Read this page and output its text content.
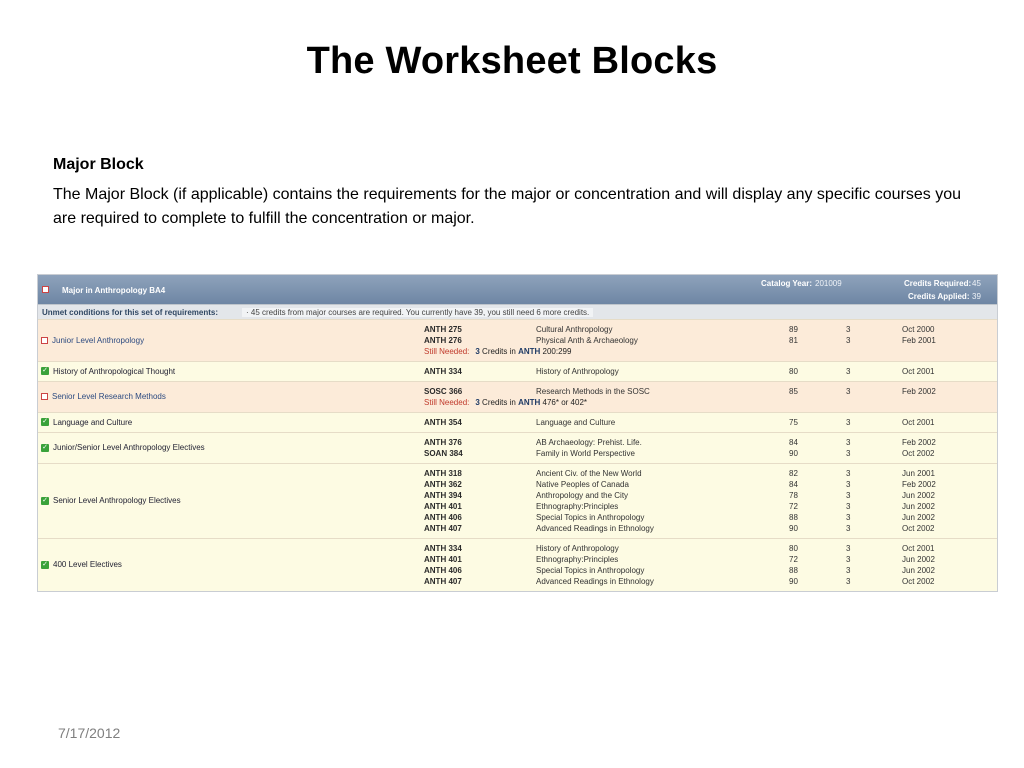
The Worksheet Blocks
Major Block
The Major Block (if applicable) contains the requirements for the major or concentration and will display any specific courses you are required to complete to fulfill the concentration or major.
Major in Anthropology BA4
Catalog Year: 201009	Credits Required: 45
Credits Applied: 39
Unmet conditions for this set of requirements:	· 45 credits from major courses are required. You currently have 39, you still need 6 more credits.
Junior Level Anthropology
ANTH 275	Cultural Anthropology	89	3	Oct 2000
ANTH 276	Physical Anth & Archaeology	81	3	Feb 2001
Still Needed: 3 Credits in ANTH 200:299
✓ History of Anthropological Thought	ANTH 334	History of Anthropology	80	3	Oct 2001
Senior Level Research Methods
SOSC 366	Research Methods in the SOSC	85	3	Feb 2002
Still Needed: 3 Credits in ANTH 476* or 402*
✓ Language and Culture	ANTH 354	Language and Culture	75	3	Oct 2001
✓ Junior/Senior Level Anthropology Electives
ANTH 376	AB Archaeology: Prehist. Life.	84	3	Feb 2002
SOAN 384	Family in World Perspective	90	3	Oct 2002
✓ Senior Level Anthropology Electives
ANTH 318	Ancient Civ. of the New World	82	3	Jun 2001
ANTH 362	Native Peoples of Canada	84	3	Feb 2002
ANTH 394	Anthropology and the City	78	3	Jun 2002
ANTH 401	Ethnography:Principles	72	3	Jun 2002
ANTH 406	Special Topics in Anthropology	88	3	Jun 2002
ANTH 407	Advanced Readings in Ethnology	90	3	Oct 2002
✓ 400 Level Electives
ANTH 334	History of Anthropology	80	3	Oct 2001
ANTH 401	Ethnography:Principles	72	3	Jun 2002
ANTH 406	Special Topics in Anthropology	88	3	Jun 2002
ANTH 407	Advanced Readings in Ethnology	90	3	Oct 2002
7/17/2012
